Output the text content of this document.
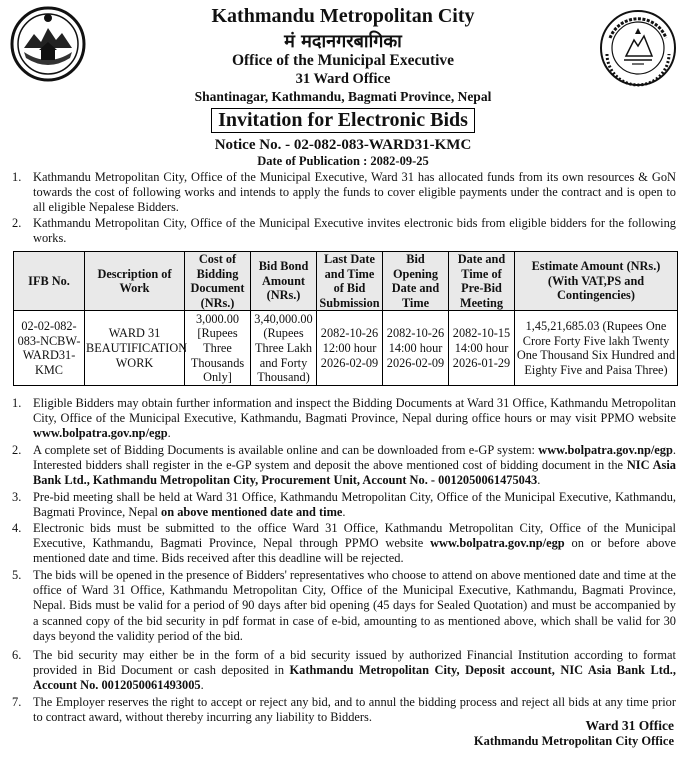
Kathmandu Metropolitan City
मं मदानगरबागिका
Office of the Municipal Executive
31 Ward Office
Shantinagar, Kathmandu, Bagmati Province, Nepal
Invitation for Electronic Bids
Notice No. - 02-082-083-WARD31-KMC
Date of Publication : 2082-09-25
1. Kathmandu Metropolitan City, Office of the Municipal Executive, Ward 31 has allocated funds from its own resources & GoN towards the cost of following works and intends to apply the funds to cover eligible payments under the contract and is open to all eligible Nepalese Bidders.
2. Kathmandu Metropolitan City, Office of the Municipal Executive invites electronic bids from eligible bidders for the following works.
IFB No.	Description of Work	Cost of Bidding Document (NRs.)	Bid Bond Amount (NRs.)	Last Date and Time of Bid Submission	Bid Opening Date and Time	Date and Time of Pre-Bid Meeting	Estimate Amount (NRs.) (With VAT,PS and Contingencies)
02-02-082-083-NCBW-WARD31-KMC	WARD 31 BEAUTIFICATION WORK	3,000.00 [Rupees Three Thousands Only]	3,40,000.00 (Rupees Three Lakh and Forty Thousand)	2082-10-26 12:00 hour 2026-02-09	2082-10-26 14:00 hour 2026-02-09	2082-10-15 14:00 hour 2026-01-29	1,45,21,685.03 (Rupees One Crore Forty Five lakh Twenty One Thousand Six Hundred and Eighty Five and Paisa Three)
1. Eligible Bidders may obtain further information and inspect the Bidding Documents at Ward 31 Office, Kathmandu Metropolitan City, Office of the Municipal Executive, Kathmandu, Bagmati Province, Nepal during office hours or may visit PPMO website www.bolpatra.gov.np/egp.
2. A complete set of Bidding Documents is available online and can be downloaded from e-GP system: www.bolpatra.gov.np/egp. Interested bidders shall register in the e-GP system and deposit the above mentioned cost of bidding document in the NIC Asia Bank Ltd., Kathmandu Metropolitan City, Procurement Unit, Account No. - 0012050061475043.
3. Pre-bid meeting shall be held at Ward 31 Office, Kathmandu Metropolitan City, Office of the Municipal Executive, Kathmandu, Bagmati Province, Nepal on above mentioned date and time.
4. Electronic bids must be submitted to the office Ward 31 Office, Kathmandu Metropolitan City, Office of the Municipal Executive, Kathmandu, Bagmati Province, Nepal through PPMO website www.bolpatra.gov.np/egp on or before above mentioned date and time. Bids received after this deadline will be rejected.
5. The bids will be opened in the presence of Bidders' representatives who choose to attend on above mentioned date and time at the office of Ward 31 Office, Kathmandu Metropolitan City, Office of the Municipal Executive, Kathmandu, Bagmati Province, Nepal. Bids must be valid for a period of 90 days after bid opening (45 days for Sealed Quotation) and must be accompanied by a scanned copy of the bid security in pdf format in case of e-bid, amounting to as mentioned above, which shall be valid for 30 days beyond the validity period of the bid.
6. The bid security may either be in the form of a bid security issued by authorized Financial Institution according to format provided in Bid Document or cash deposited in Kathmandu Metropolitan City, Deposit account, NIC Asia Bank Ltd., Account No. 0012050061493005.
7. The Employer reserves the right to accept or reject any bid, and to annul the bidding process and reject all bids at any time prior to contract award, without thereby incurring any liability to Bidders.
Ward 31 Office
Kathmandu Metropolitan City Office
